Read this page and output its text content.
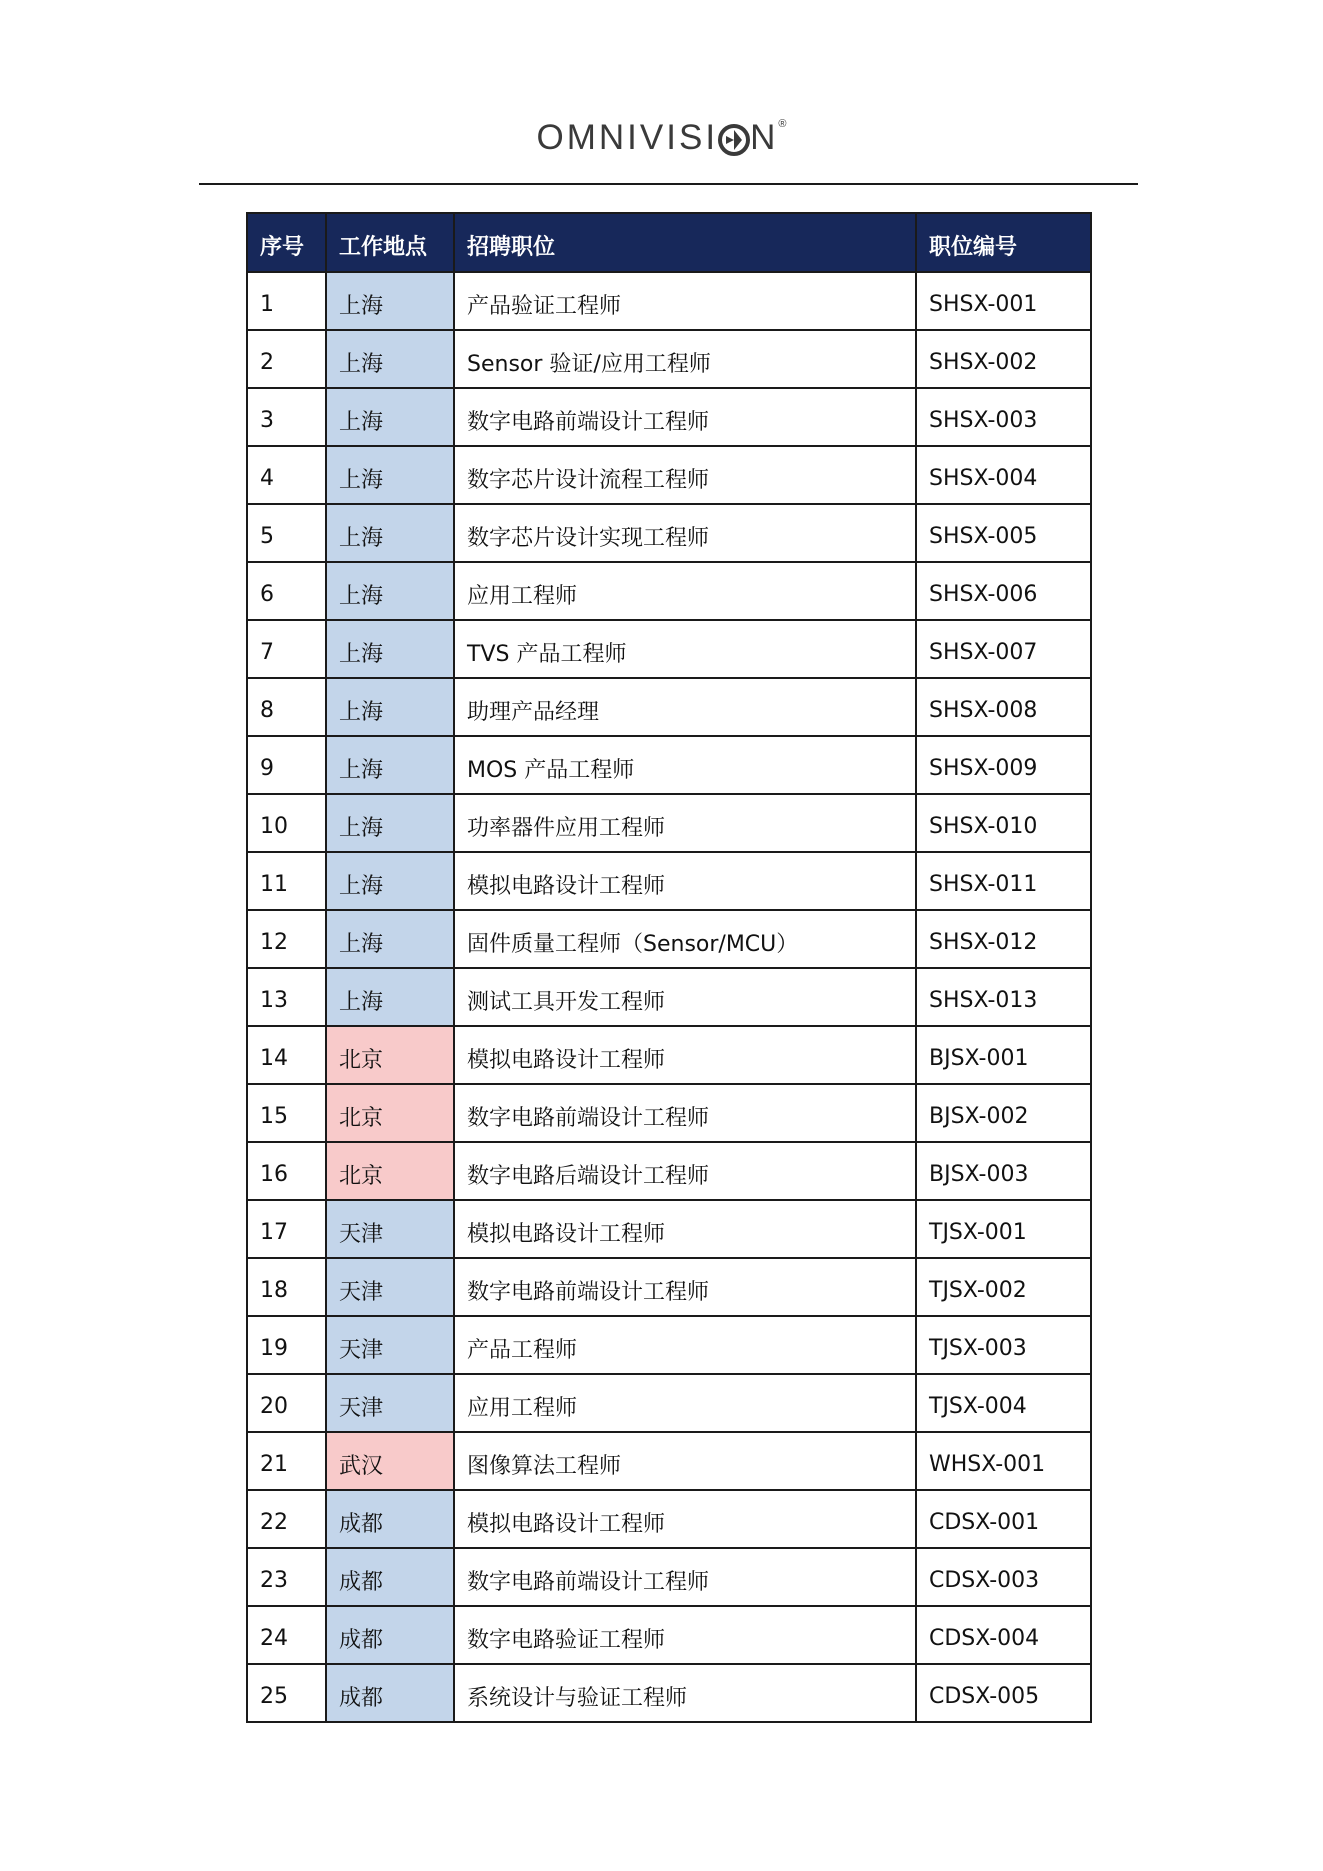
OMNIVISI N®
序号	工作地点	招聘职位	职位编号
1	上海	产品验证工程师	SHSX-001
2	上海	Sensor 验证/应用工程师	SHSX-002
3	上海	数字电路前端设计工程师	SHSX-003
4	上海	数字芯片设计流程工程师	SHSX-004
5	上海	数字芯片设计实现工程师	SHSX-005
6	上海	应用工程师	SHSX-006
7	上海	TVS 产品工程师	SHSX-007
8	上海	助理产品经理	SHSX-008
9	上海	MOS 产品工程师	SHSX-009
10	上海	功率器件应用工程师	SHSX-010
11	上海	模拟电路设计工程师	SHSX-011
12	上海	固件质量工程师（Sensor/MCU）	SHSX-012
13	上海	测试工具开发工程师	SHSX-013
14	北京	模拟电路设计工程师	BJSX-001
15	北京	数字电路前端设计工程师	BJSX-002
16	北京	数字电路后端设计工程师	BJSX-003
17	天津	模拟电路设计工程师	TJSX-001
18	天津	数字电路前端设计工程师	TJSX-002
19	天津	产品工程师	TJSX-003
20	天津	应用工程师	TJSX-004
21	武汉	图像算法工程师	WHSX-001
22	成都	模拟电路设计工程师	CDSX-001
23	成都	数字电路前端设计工程师	CDSX-003
24	成都	数字电路验证工程师	CDSX-004
25	成都	系统设计与验证工程师	CDSX-005
